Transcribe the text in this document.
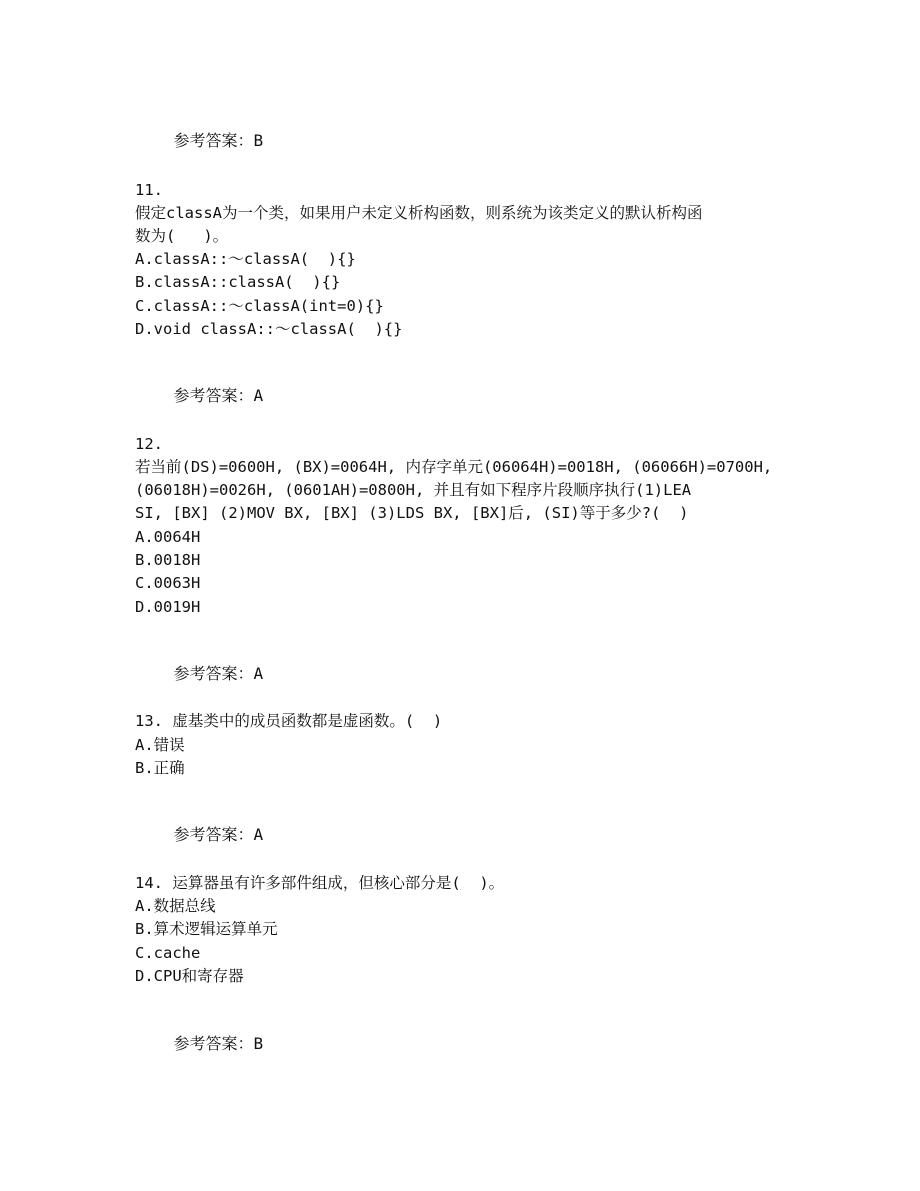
参考答案：B

11.
假定classA为一个类，如果用户未定义析构函数，则系统为该类定义的默认析构函
数为(   )。
A.classA::～classA(  ){}
B.classA::classA(  ){}
C.classA::～classA(int=0){}
D.void classA::～classA(  ){}

参考答案：A

12.
若当前(DS)=0600H, (BX)=0064H, 内存字单元(06064H)=0018H, (06066H)=0700H,
(06018H)=0026H, (0601AH)=0800H, 并且有如下程序片段顺序执行(1)LEA
SI, [BX] (2)MOV BX, [BX] (3)LDS BX, [BX]后, (SI)等于多少?(  )
A.0064H
B.0018H
C.0063H
D.0019H

参考答案：A

13. 虚基类中的成员函数都是虚函数。(  )
A.错误
B.正确

参考答案：A

14. 运算器虽有许多部件组成，但核心部分是(  )。
A.数据总线
B.算术逻辑运算单元
C.cache
D.CPU和寄存器

参考答案：B
